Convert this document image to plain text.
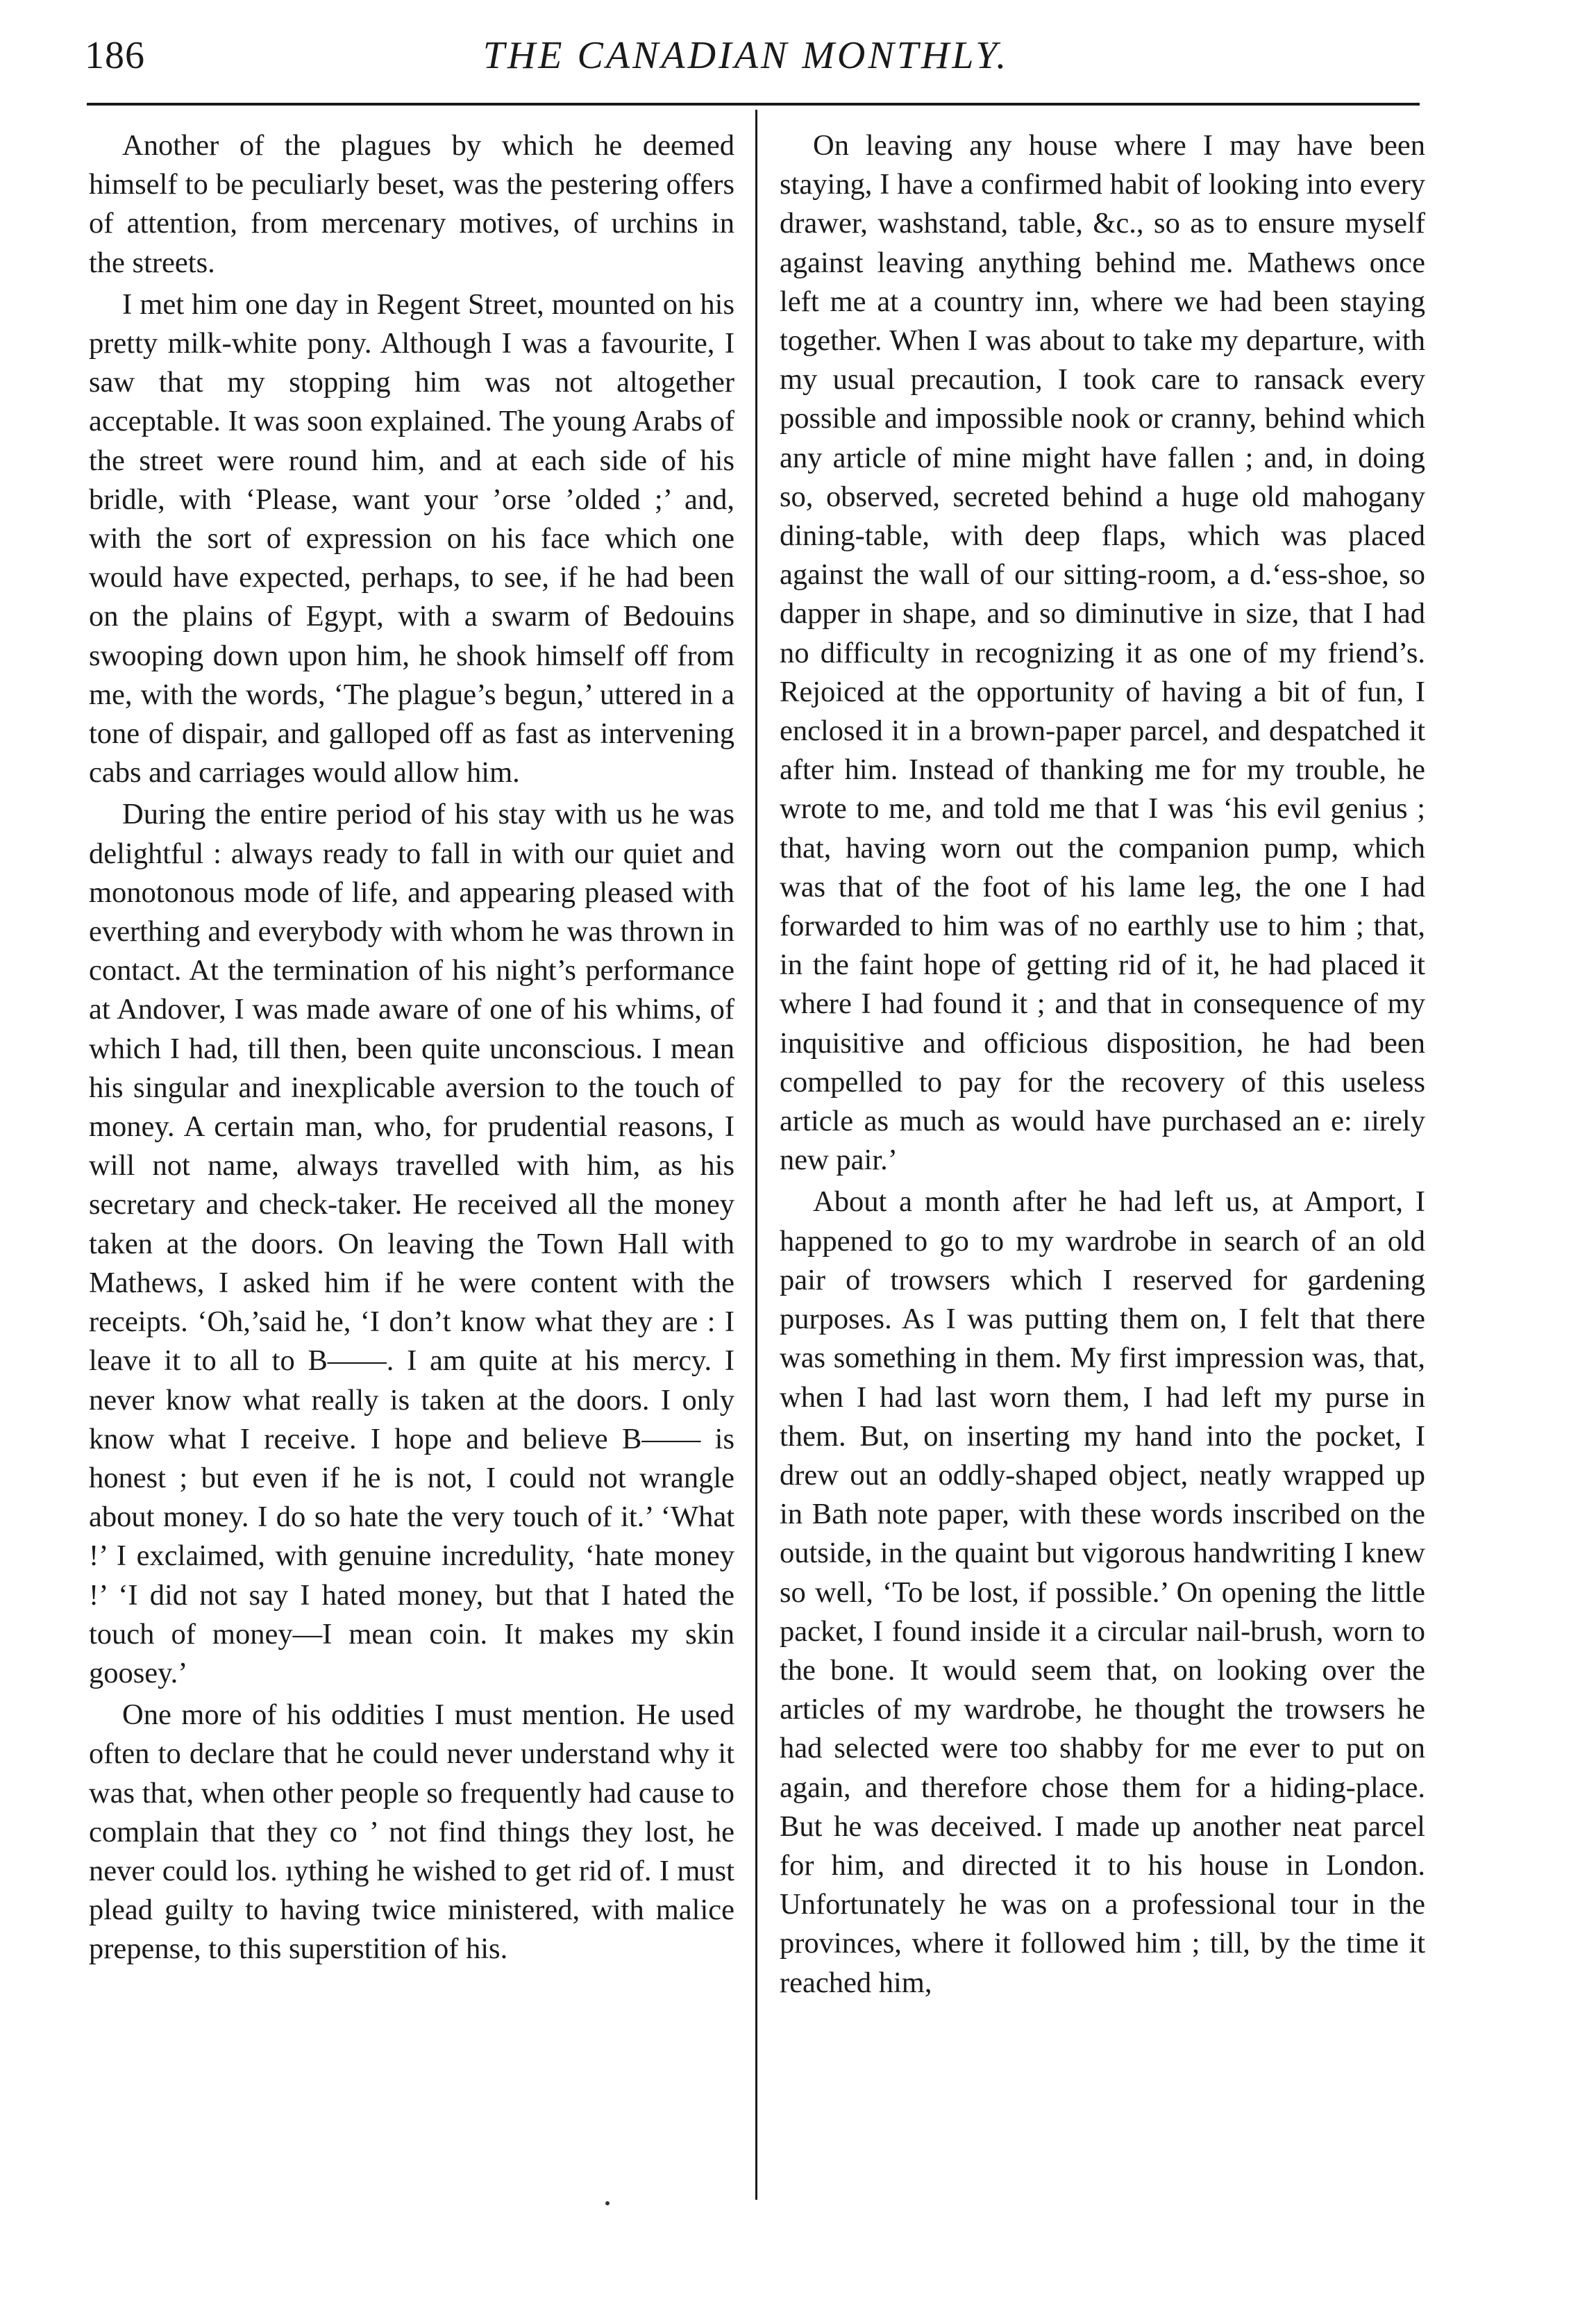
186	THE CANADIAN MONTHLY.

Another of the plagues by which he deemed himself to be peculiarly beset, was the pestering offers of attention, from mercenary motives, of urchins in the streets.

I met him one day in Regent Street, mounted on his pretty milk-white pony. Although I was a favourite, I saw that my stopping him was not altogether acceptable. It was soon explained. The young Arabs of the street were round him, and at each side of his bridle, with ‘Please, want your ’orse ’olded ;’ and, with the sort of expression on his face which one would have expected, perhaps, to see, if he had been on the plains of Egypt, with a swarm of Bedouins swooping down upon him, he shook himself off from me, with the words, ‘The plague’s begun,’ uttered in a tone of dispair, and galloped off as fast as intervening cabs and carriages would allow him.

During the entire period of his stay with us he was delightful : always ready to fall in with our quiet and monotonous mode of life, and appearing pleased with everthing and everybody with whom he was thrown in contact. At the termination of his night’s performance at Andover, I was made aware of one of his whims, of which I had, till then, been quite unconscious. I mean his singular and inexplicable aversion to the touch of money. A certain man, who, for prudential reasons, I will not name, always travelled with him, as his secretary and check-taker. He received all the money taken at the doors. On leaving the Town Hall with Mathews, I asked him if he were content with the receipts. ‘Oh,’said he, ‘I don’t know what they are : I leave it to all to B——. I am quite at his mercy. I never know what really is taken at the doors. I only know what I receive. I hope and believe B—— is honest ; but even if he is not, I could not wrangle about money. I do so hate the very touch of it.’ ‘What !’ I exclaimed, with genuine incredulity, ‘hate money !’ ‘I did not say I hated money, but that I hated the touch of money—I mean coin. It makes my skin goosey.’

One more of his oddities I must mention. He used often to declare that he could never understand why it was that, when other people so frequently had cause to complain that they co ’ not find things they lost, he never could los. ıything he wished to get rid of. I must plead guilty to having twice ministered, with malice prepense, to this superstition of his.

On leaving any house where I may have been staying, I have a confirmed habit of looking into every drawer, washstand, table, &c., so as to ensure myself against leaving anything behind me. Mathews once left me at a country inn, where we had been staying together. When I was about to take my departure, with my usual precaution, I took care to ransack every possible and impossible nook or cranny, behind which any article of mine might have fallen ; and, in doing so, observed, secreted behind a huge old mahogany dining-table, with deep flaps, which was placed against the wall of our sitting-room, a d.‘ess-shoe, so dapper in shape, and so diminutive in size, that I had no difficulty in recognizing it as one of my friend’s. Rejoiced at the opportunity of having a bit of fun, I enclosed it in a brown-paper parcel, and despatched it after him. Instead of thanking me for my trouble, he wrote to me, and told me that I was ‘his evil genius ; that, having worn out the companion pump, which was that of the foot of his lame leg, the one I had forwarded to him was of no earthly use to him ; that, in the faint hope of getting rid of it, he had placed it where I had found it ; and that in consequence of my inquisitive and officious disposition, he had been compelled to pay for the recovery of this useless article as much as would have purchased an e: ıirely new pair.’

About a month after he had left us, at Amport, I happened to go to my wardrobe in search of an old pair of trowsers which I reserved for gardening purposes. As I was putting them on, I felt that there was something in them. My first impression was, that, when I had last worn them, I had left my purse in them. But, on inserting my hand into the pocket, I drew out an oddly-shaped object, neatly wrapped up in Bath note paper, with these words inscribed on the outside, in the quaint but vigorous handwriting I knew so well, ‘To be lost, if possible.’ On opening the little packet, I found inside it a circular nail-brush, worn to the bone. It would seem that, on looking over the articles of my wardrobe, he thought the trowsers he had selected were too shabby for me ever to put on again, and therefore chose them for a hiding-place. But he was deceived. I made up another neat parcel for him, and directed it to his house in London. Unfortunately he was on a professional tour in the provinces, where it followed him ; till, by the time it reached him,
